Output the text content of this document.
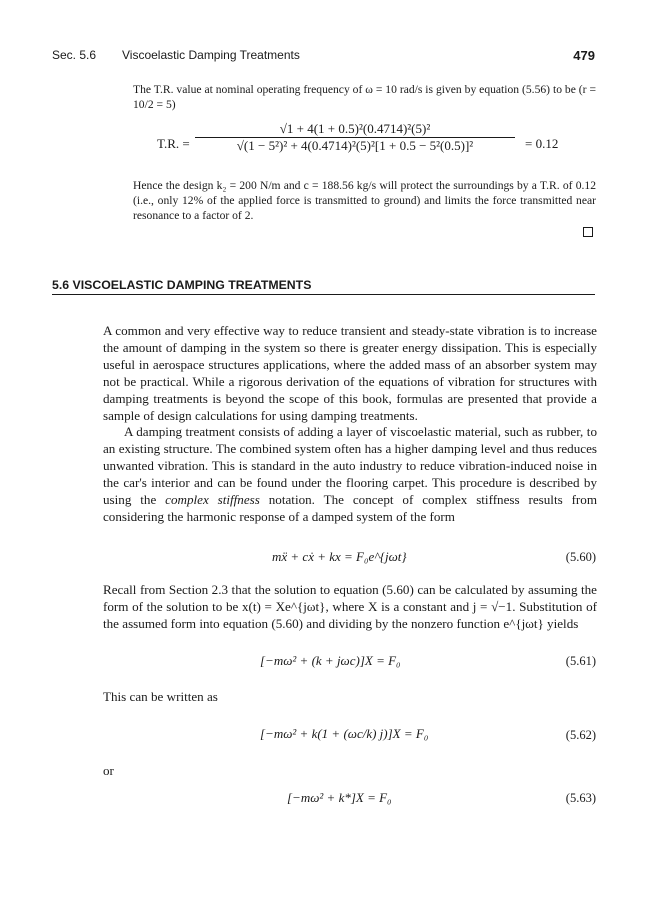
Sec. 5.6 Viscoelastic Damping Treatments	479
The T.R. value at nominal operating frequency of ω = 10 rad/s is given by equation (5.56) to be (r = 10/2 = 5)
T.R. = $\frac{\text{√1 + 4(1 + 0.5)²(0.4714)²(5)²}}{\text{√(1 − 5²)² + 4(0.4714)²(5)²[1 + 0.5 − 5²(0.5)]²}} = 0.12$
Hence the design k₂ = 200 N/m and c = 188.56 kg/s will protect the surroundings by a T.R. of 0.12 (i.e., only 12% of the applied force is transmitted to ground) and limits the force transmitted near resonance to a factor of 2.
5.6 VISCOELASTIC DAMPING TREATMENTS
A common and very effective way to reduce transient and steady-state vibration is to increase the amount of damping in the system so there is greater energy dissipation. This is especially useful in aerospace structures applications, where the added mass of an absorber system may not be practical. While a rigorous derivation of the equations of vibration for structures with damping treatments is beyond the scope of this book, formulas are presented that provide a sample of design calculations for using damping treatments.
A damping treatment consists of adding a layer of viscoelastic material, such as rubber, to an existing structure. The combined system often has a higher damping level and thus reduces unwanted vibration. This is standard in the auto industry to reduce vibration-induced noise in the car's interior and can be found under the flooring carpet. This procedure is described by using the complex stiffness notation. The concept of complex stiffness results from considering the harmonic response of a damped system of the form
mẍ + cẋ + kx = F₀e^{jωt}	(5.60)
Recall from Section 2.3 that the solution to equation (5.60) can be calculated by assuming the form of the solution to be x(t) = Xe^{jωt}, where X is a constant and j = √−1. Substitution of the assumed form into equation (5.60) and dividing by the nonzero function e^{jωt} yields
[−mω² + (k + jωc)]X = F₀	(5.61)
This can be written as
[−mω² + k(1 + (ωc/k) j)]X = F₀	(5.62)
or
[−mω² + k*]X = F₀	(5.63)
